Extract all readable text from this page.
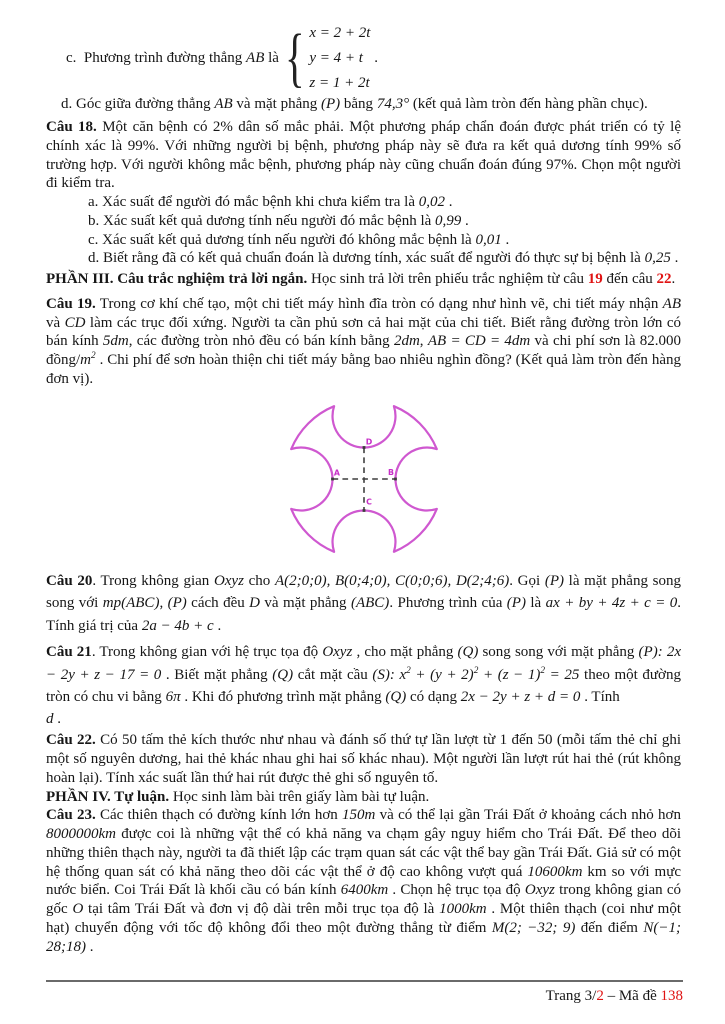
c.  Phương trình đường thẳng AB là { x = 2 + 2t
y = 4 + t
z = 1 + 2t
.
d. Góc giữa đường thẳng AB và mặt phẳng (P) bằng 74,3° (kết quả làm tròn đến hàng phần chục).
Câu 18. Một căn bệnh có 2% dân số mắc phải. Một phương pháp chẩn đoán được phát triển có tỷ lệ chính xác là 99%. Với những người bị bệnh, phương pháp này sẽ đưa ra kết quả dương tính 99% số trường hợp. Với người không mắc bệnh, phương pháp này cũng chuẩn đoán đúng 97%. Chọn một người đi kiểm tra.
a. Xác suất để người đó mắc bệnh khi chưa kiểm tra là 0,02 .
b. Xác suất kết quả dương tính nếu người đó mắc bệnh là 0,99 .
c. Xác suất kết quả dương tính nếu người đó không mắc bệnh là 0,01 .
d. Biết rằng đã có kết quả chuẩn đoán là dương tính, xác suất để người đó thực sự bị bệnh là 0,25 .
PHẦN III. Câu trắc nghiệm trả lời ngắn. Học sinh trả lời trên phiếu trắc nghiệm từ câu 19 đến câu 22.
Câu 19. Trong cơ khí chế tạo, một chi tiết máy hình đĩa tròn có dạng như hình vẽ, chi tiết máy nhận AB và CD làm các trục đối xứng. Người ta cần phủ sơn cả hai mặt của chi tiết. Biết rằng đường tròn lớn có bán kính 5dm, các đường tròn nhỏ đều có bán kính bằng 2dm, AB = CD = 4dm và chi phí sơn là 82.000 đồng/$m^2$ . Chi phí để sơn hoàn thiện chi tiết máy bằng bao nhiêu nghìn đồng? (Kết quả làm tròn đến hàng đơn vị).
Câu 20. Trong không gian Oxyz cho A(2;0;0), B(0;4;0), C(0;0;6), D(2;4;6). Gọi (P) là mặt phẳng song song với mp(ABC), (P) cách đều D và mặt phẳng (ABC). Phương trình của (P) là ax + by + 4z + c = 0. Tính giá trị của 2a − 4b + c .
Câu 21. Trong không gian với hệ trục tọa độ Oxyz , cho mặt phẳng (Q) song song với mặt phẳng (P): 2x − 2y + z − 17 = 0 . Biết mặt phẳng (Q) cắt mặt cầu (S): $x^2 + (y + 2)^2 + (z - 1)^2 = 25$ theo một đường tròn có chu vi bằng 6π . Khi đó phương trình mặt phẳng (Q) có dạng 2x − 2y + z + d = 0 . Tính
d .
Câu 22. Có 50 tấm thẻ kích thước như nhau và đánh số thứ tự lần lượt từ 1 đến 50 (mỗi tấm thẻ chỉ ghi một số nguyên dương, hai thẻ khác nhau ghi hai số khác nhau). Một người lần lượt rút hai thẻ (rút không hoàn lại). Tính xác suất lần thứ hai rút được thẻ ghi số nguyên tố.
PHẦN IV. Tự luận. Học sinh làm bài trên giấy làm bài tự luận.
Câu 23. Các thiên thạch có đường kính lớn hơn 150m và có thể lại gần Trái Đất ở khoảng cách nhỏ hơn 8000000km được coi là những vật thể có khả năng va chạm gây nguy hiểm cho Trái Đất. Để theo dõi những thiên thạch này, người ta đã thiết lập các trạm quan sát các vật thể bay gần Trái Đất. Giả sử có một hệ thống quan sát có khả năng theo dõi các vật thể ở độ cao không vượt quá 10600km km so với mực nước biển. Coi Trái Đất là khối cầu có bán kính 6400km . Chọn hệ trục tọa độ Oxyz trong không gian có gốc O tại tâm Trái Đất và đơn vị độ dài trên mỗi trục tọa độ là 1000km . Một thiên thạch (coi như một hạt) chuyển động với tốc độ không đổi theo một đường thẳng từ điểm M(2; −32; 9) đến điểm N(−1; 28;18) .
Trang 3/2 – Mã đề 138
